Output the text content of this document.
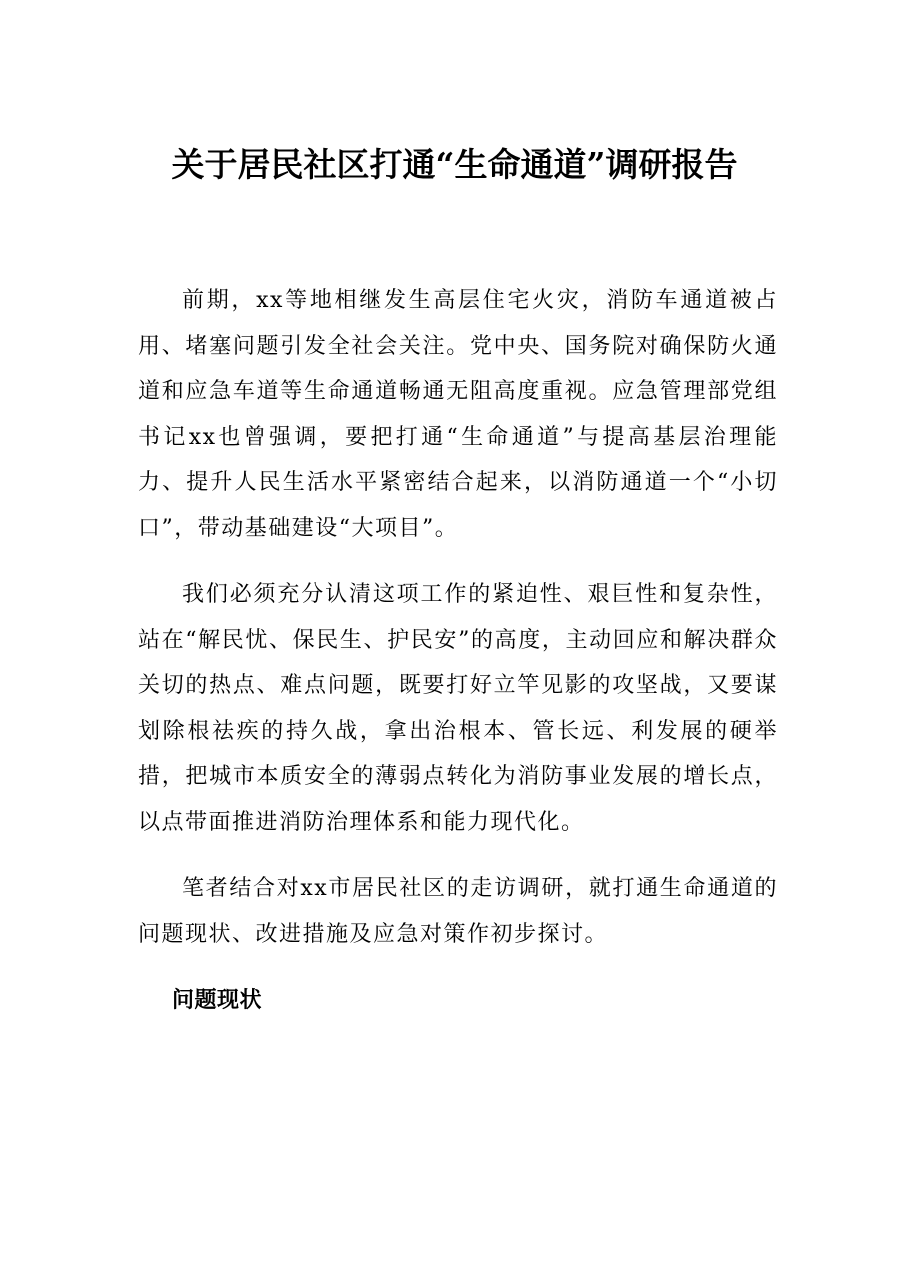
关于居民社区打通“生命通道”调研报告

前期，xx等地相继发生高层住宅火灾，消防车通道被占用、堵塞问题引发全社会关注。党中央、国务院对确保防火通道和应急车道等生命通道畅通无阻高度重视。应急管理部党组书记xx也曾强调，要把打通“生命通道”与提高基层治理能力、提升人民生活水平紧密结合起来，以消防通道一个“小切口”，带动基础建设“大项目”。

我们必须充分认清这项工作的紧迫性、艰巨性和复杂性，站在“解民忧、保民生、护民安”的高度，主动回应和解决群众关切的热点、难点问题，既要打好立竿见影的攻坚战，又要谋划除根祛疾的持久战，拿出治根本、管长远、利发展的硬举措，把城市本质安全的薄弱点转化为消防事业发展的增长点，以点带面推进消防治理体系和能力现代化。

笔者结合对xx市居民社区的走访调研，就打通生命通道的问题现状、改进措施及应急对策作初步探讨。

问题现状
